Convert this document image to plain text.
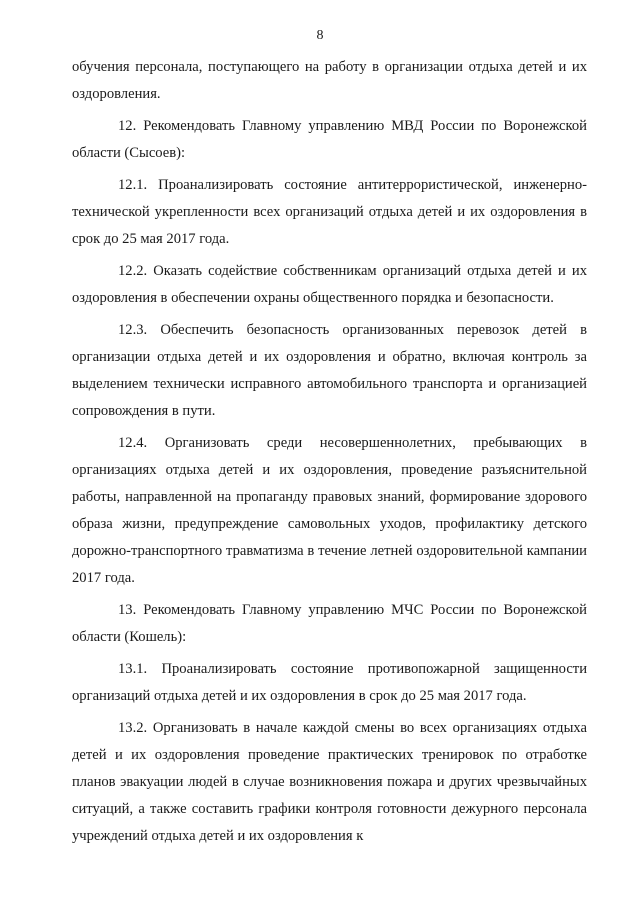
8

обучения персонала, поступающего на работу в организации отдыха детей и их оздоровления.

12. Рекомендовать Главному управлению МВД России по Воронежской области (Сысоев):

12.1. Проанализировать состояние антитеррористической, инженерно-технической укрепленности всех организаций отдыха детей и их оздоровления в срок до 25 мая 2017 года.

12.2. Оказать содействие собственникам организаций отдыха детей и их оздоровления в обеспечении охраны общественного порядка и безопасности.

12.3. Обеспечить безопасность организованных перевозок детей в организации отдыха детей и их оздоровления и обратно, включая контроль за выделением технически исправного автомобильного транспорта и организацией сопровождения в пути.

12.4. Организовать среди несовершеннолетних, пребывающих в организациях отдыха детей и их оздоровления, проведение разъяснительной работы, направленной на пропаганду правовых знаний, формирование здорового образа жизни, предупреждение самовольных уходов, профилактику детского дорожно-транспортного травматизма в течение летней оздоровительной кампании 2017 года.

13. Рекомендовать Главному управлению МЧС России по Воронежской области (Кошель):

13.1. Проанализировать состояние противопожарной защищенности организаций отдыха детей и их оздоровления в срок до 25 мая 2017 года.

13.2. Организовать в начале каждой смены во всех организациях отдыха детей и их оздоровления проведение практических тренировок по отработке планов эвакуации людей в случае возникновения пожара и других чрезвычайных ситуаций, а также составить графики контроля готовности дежурного персонала учреждений отдыха детей и их оздоровления к
